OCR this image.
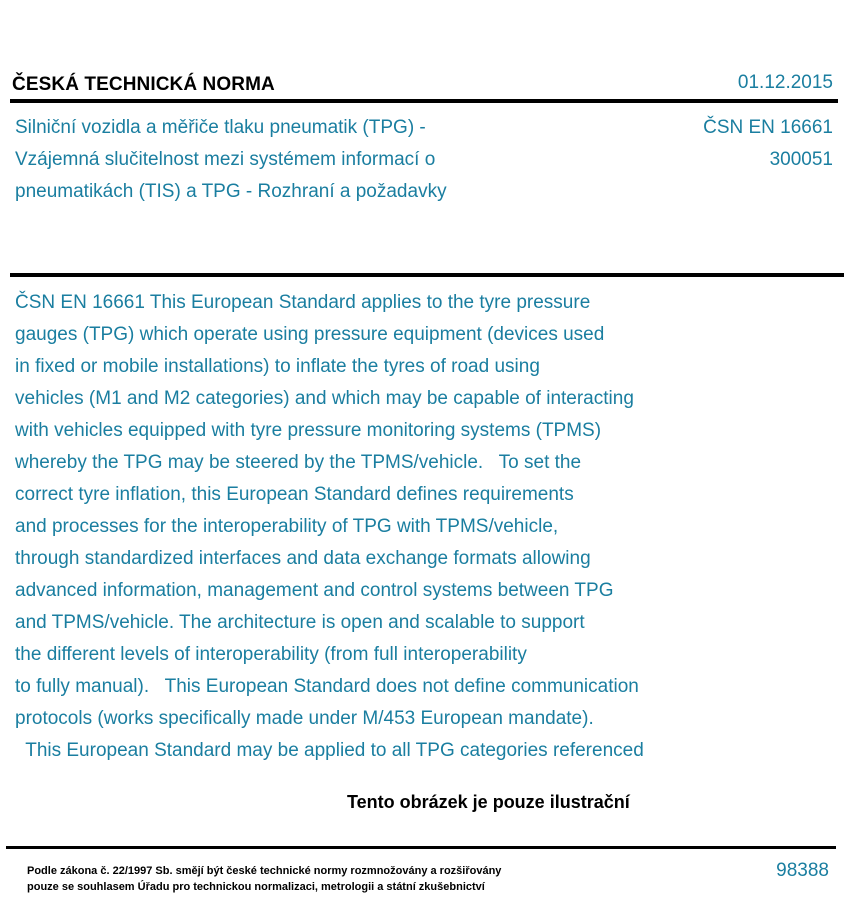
ČESKÁ TECHNICKÁ NORMA	01.12.2015
Silniční vozidla a měřiče tlaku pneumatik (TPG) -
Vzájemná slučitelnost mezi systémem informací o
pneumatikách (TIS) a TPG - Rozhraní a požadavky
ČSN EN 16661
300051
ČSN EN 16661 This European Standard applies to the tyre pressure
gauges (TPG) which operate using pressure equipment (devices used
in fixed or mobile installations) to inflate the tyres of road using
vehicles (M1 and M2 categories) and which may be capable of interacting
with vehicles equipped with tyre pressure monitoring systems (TPMS)
whereby the TPG may be steered by the TPMS/vehicle.   To set the
correct tyre inflation, this European Standard defines requirements
and processes for the interoperability of TPG with TPMS/vehicle,
through standardized interfaces and data exchange formats allowing
advanced information, management and control systems between TPG
and TPMS/vehicle. The architecture is open and scalable to support
the different levels of interoperability (from full interoperability
to fully manual).   This European Standard does not define communication
protocols (works specifically made under M/453 European mandate).
This European Standard may be applied to all TPG categories referenced
Tento obrázek je pouze ilustrační
Podle zákona č. 22/1997 Sb. smějí být české technické normy rozmnožovány a rozšiřovány
pouze se souhlasem Úřadu pro technickou normalizaci, metrologii a státní zkušebnictví
98388
